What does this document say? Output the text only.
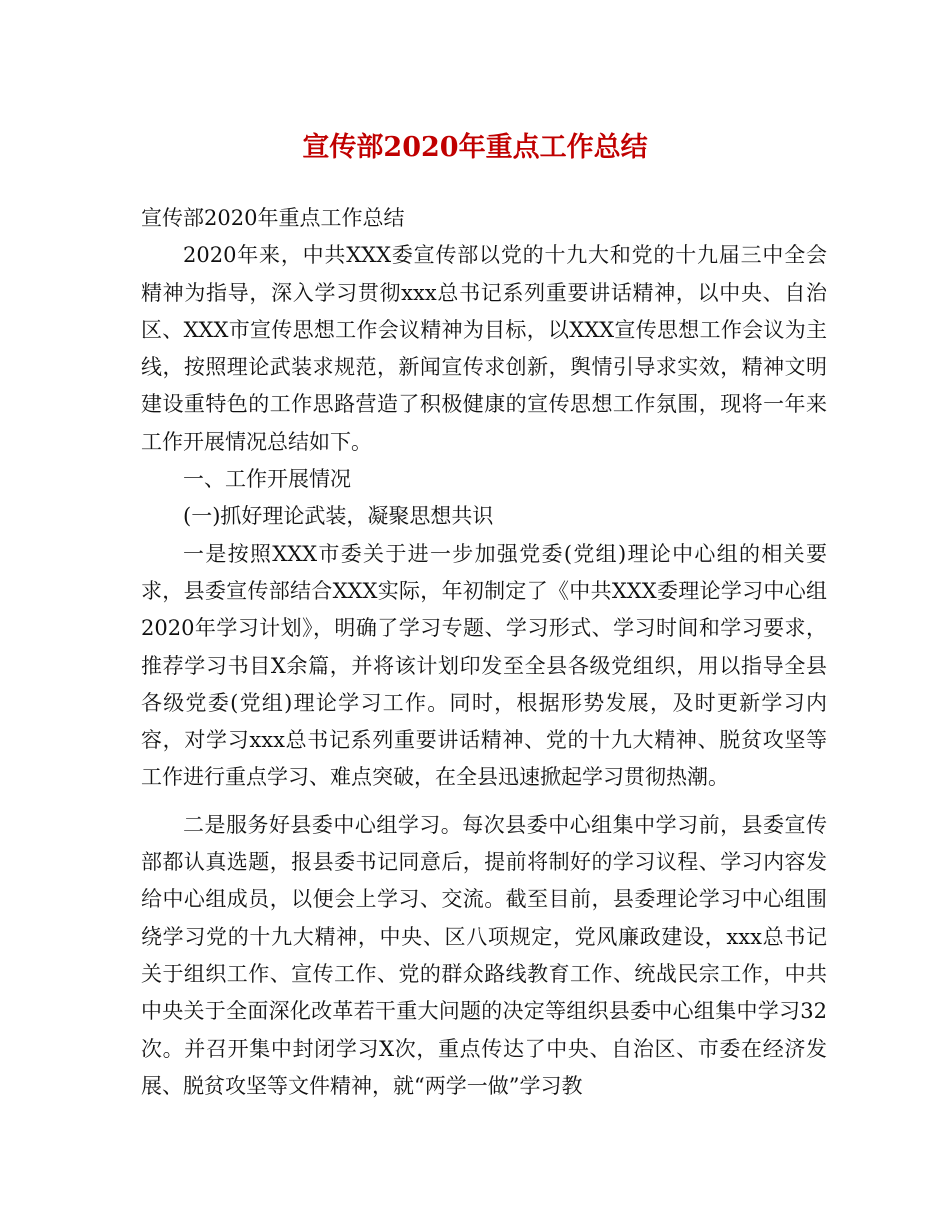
宣传部2020年重点工作总结

宣传部2020年重点工作总结

2020年来，中共XXX委宣传部以党的十九大和党的十九届三中全会精神为指导，深入学习贯彻xxx总书记系列重要讲话精神，以中央、自治区、XXX市宣传思想工作会议精神为目标，以XXX宣传思想工作会议为主线，按照理论武装求规范，新闻宣传求创新，舆情引导求实效，精神文明建设重特色的工作思路营造了积极健康的宣传思想工作氛围，现将一年来工作开展情况总结如下。

一、工作开展情况

(一)抓好理论武装，凝聚思想共识

一是按照XXX市委关于进一步加强党委(党组)理论中心组的相关要求，县委宣传部结合XXX实际，年初制定了《中共XXX委理论学习中心组2020年学习计划》，明确了学习专题、学习形式、学习时间和学习要求，推荐学习书目X余篇，并将该计划印发至全县各级党组织，用以指导全县各级党委(党组)理论学习工作。同时，根据形势发展，及时更新学习内容，对学习xxx总书记系列重要讲话精神、党的十九大精神、脱贫攻坚等工作进行重点学习、难点突破，在全县迅速掀起学习贯彻热潮。

二是服务好县委中心组学习。每次县委中心组集中学习前，县委宣传部都认真选题，报县委书记同意后，提前将制好的学习议程、学习内容发给中心组成员，以便会上学习、交流。截至目前，县委理论学习中心组围绕学习党的十九大精神，中央、区八项规定，党风廉政建设，xxx总书记关于组织工作、宣传工作、党的群众路线教育工作、统战民宗工作，中共中央关于全面深化改革若干重大问题的决定等组织县委中心组集中学习32次。并召开集中封闭学习X次，重点传达了中央、自治区、市委在经济发展、脱贫攻坚等文件精神，就“两学一做”学习教
